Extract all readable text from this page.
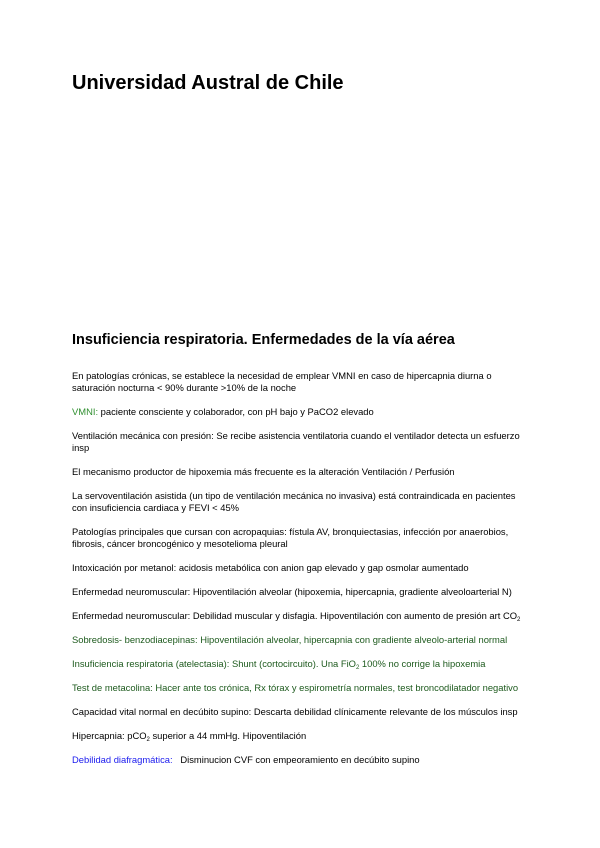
Universidad Austral de Chile
Insuficiencia respiratoria. Enfermedades de la vía aérea

En patologías crónicas, se establece la necesidad de emplear VMNI en caso de hipercapnia diurna o saturación nocturna < 90% durante >10% de la noche

VMNI: paciente consciente y colaborador, con pH bajo y PaCO2 elevado

Ventilación mecánica con presión: Se recibe asistencia ventilatoria cuando el ventilador detecta un esfuerzo insp

El mecanismo productor de hipoxemia más frecuente es la alteración Ventilación / Perfusión

La servoventilación asistida (un tipo de ventilación mecánica no invasiva) está contraindicada en pacientes con insuficiencia cardiaca y FEVI < 45%

Patologías principales que cursan con acropaquias: fístula AV, bronquiectasias, infección por anaerobios, fibrosis, cáncer broncogénico y mesotelioma pleural

Intoxicación por metanol: acidosis metabólica con anion gap elevado y gap osmolar aumentado

Enfermedad neuromuscular: Hipoventilación alveolar (hipoxemia, hipercapnia, gradiente alveoloarterial N)

Enfermedad neuromuscular: Debilidad muscular y disfagia. Hipoventilación con aumento de presión art $CO_2$

Sobredosis- benzodiacepinas: Hipoventilación alveolar, hipercapnia con gradiente alveolo-arterial normal

Insuficiencia respiratoria (atelectasia): Shunt (cortocircuito). Una FiO$_2$ 100% no corrige la hipoxemia

Test de metacolina: Hacer ante tos crónica, Rx tórax y espirometría normales, test broncodilatador negativo

Capacidad vital normal en decúbito supino: Descarta debilidad clínicamente relevante de los músculos insp

Hipercapnia: pCO$_2$ superior a 44 mmHg. Hipoventilación

Debilidad diafragmática:   Disminucion CVF con empeoramiento en decúbito supino
